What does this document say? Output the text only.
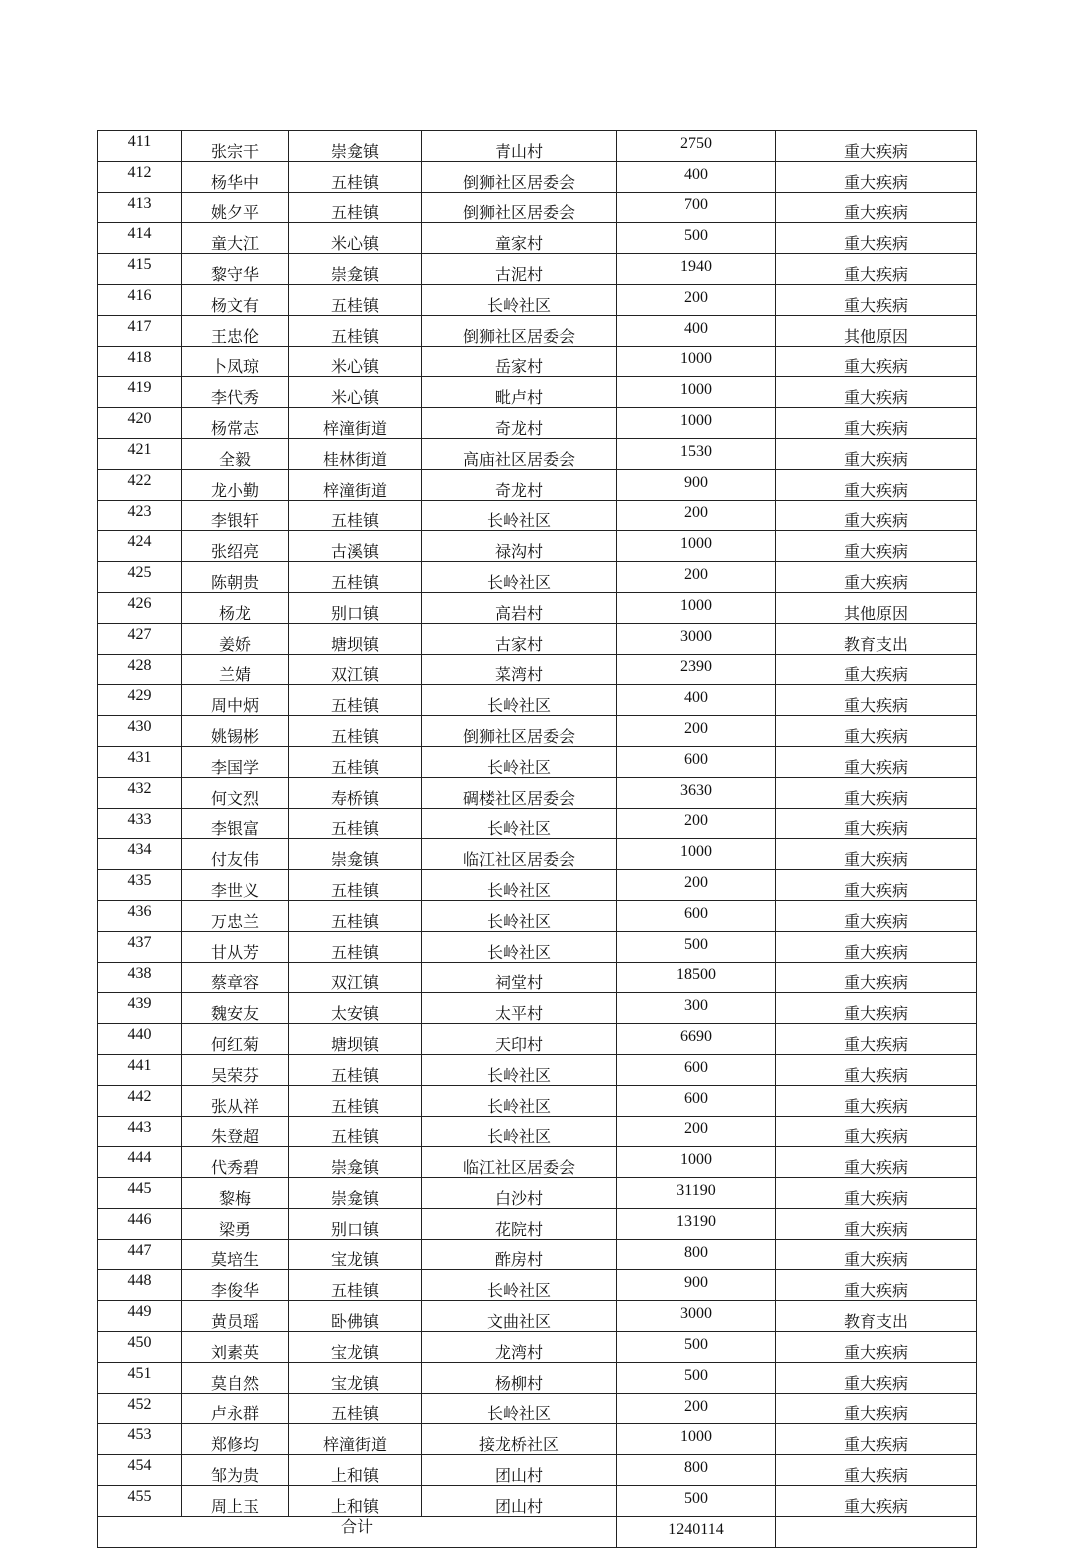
411	张宗干	崇龛镇	青山村	2750	重大疾病
412	杨华中	五桂镇	倒狮社区居委会	400	重大疾病
413	姚夕平	五桂镇	倒狮社区居委会	700	重大疾病
414	童大江	米心镇	童家村	500	重大疾病
415	黎守华	崇龛镇	古泥村	1940	重大疾病
416	杨文有	五桂镇	长岭社区	200	重大疾病
417	王忠伦	五桂镇	倒狮社区居委会	400	其他原因
418	卜凤琼	米心镇	岳家村	1000	重大疾病
419	李代秀	米心镇	毗卢村	1000	重大疾病
420	杨常志	梓潼街道	奇龙村	1000	重大疾病
421	全毅	桂林街道	高庙社区居委会	1530	重大疾病
422	龙小勤	梓潼街道	奇龙村	900	重大疾病
423	李银轩	五桂镇	长岭社区	200	重大疾病
424	张绍亮	古溪镇	禄沟村	1000	重大疾病
425	陈朝贵	五桂镇	长岭社区	200	重大疾病
426	杨龙	别口镇	高岩村	1000	其他原因
427	姜娇	塘坝镇	古家村	3000	教育支出
428	兰婧	双江镇	菜湾村	2390	重大疾病
429	周中炳	五桂镇	长岭社区	400	重大疾病
430	姚锡彬	五桂镇	倒狮社区居委会	200	重大疾病
431	李国学	五桂镇	长岭社区	600	重大疾病
432	何文烈	寿桥镇	碉楼社区居委会	3630	重大疾病
433	李银富	五桂镇	长岭社区	200	重大疾病
434	付友伟	崇龛镇	临江社区居委会	1000	重大疾病
435	李世义	五桂镇	长岭社区	200	重大疾病
436	万忠兰	五桂镇	长岭社区	600	重大疾病
437	甘从芳	五桂镇	长岭社区	500	重大疾病
438	蔡章容	双江镇	祠堂村	18500	重大疾病
439	魏安友	太安镇	太平村	300	重大疾病
440	何红菊	塘坝镇	天印村	6690	重大疾病
441	吴荣芬	五桂镇	长岭社区	600	重大疾病
442	张从祥	五桂镇	长岭社区	600	重大疾病
443	朱登超	五桂镇	长岭社区	200	重大疾病
444	代秀碧	崇龛镇	临江社区居委会	1000	重大疾病
445	黎梅	崇龛镇	白沙村	31190	重大疾病
446	梁勇	别口镇	花院村	13190	重大疾病
447	莫培生	宝龙镇	酢房村	800	重大疾病
448	李俊华	五桂镇	长岭社区	900	重大疾病
449	黄员瑶	卧佛镇	文曲社区	3000	教育支出
450	刘素英	宝龙镇	龙湾村	500	重大疾病
451	莫自然	宝龙镇	杨柳村	500	重大疾病
452	卢永群	五桂镇	长岭社区	200	重大疾病
453	郑修均	梓潼街道	接龙桥社区	1000	重大疾病
454	邹为贵	上和镇	团山村	800	重大疾病
455	周上玉	上和镇	团山村	500	重大疾病
合计				1240114	
